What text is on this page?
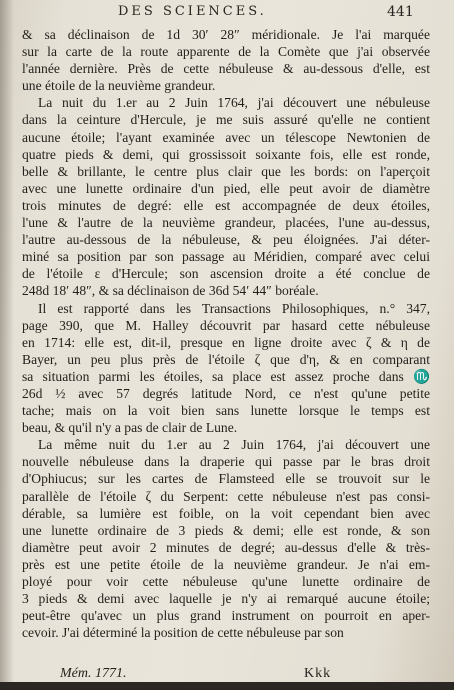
DES SCIENCES.	441
& sa déclinaison de 1d 30′ 28″ méridionale. Je l'ai marquée
sur la carte de la route apparente de la Comète que j'ai observée
l'année dernière. Près de cette nébuleuse & au-dessous d'elle, est
une étoile de la neuvième grandeur.
La nuit du 1.er au 2 Juin 1764, j'ai découvert une nébuleuse
dans la ceinture d'Hercule, je me suis assuré qu'elle ne contient
aucune étoile; l'ayant examinée avec un télescope Newtonien de
quatre pieds & demi, qui grossissoit soixante fois, elle est ronde,
belle & brillante, le centre plus clair que les bords: on l'aperçoit
avec une lunette ordinaire d'un pied, elle peut avoir de diamètre
trois minutes de degré: elle est accompagnée de deux étoiles,
l'une & l'autre de la neuvième grandeur, placées, l'une au-dessus,
l'autre au-dessous de la nébuleuse, & peu éloignées. J'ai déter-
miné sa position par son passage au Méridien, comparé avec celui
de l'étoile ε d'Hercule; son ascension droite a été conclue de
248d 18′ 48″, & sa déclinaison de 36d 54′ 44″ boréale.
Il est rapporté dans les Transactions Philosophiques, n.° 347,
page 390, que M. Halley découvrit par hasard cette nébuleuse
en 1714: elle est, dit-il, presque en ligne droite avec ζ & η de
Bayer, un peu plus près de l'étoile ζ que d'η, & en comparant
sa situation parmi les étoiles, sa place est assez proche dans ♏
26d ½ avec 57 degrés latitude Nord, ce n'est qu'une petite
tache; mais on la voit bien sans lunette lorsque le temps est
beau, & qu'il n'y a pas de clair de Lune.
La même nuit du 1.er au 2 Juin 1764, j'ai découvert une
nouvelle nébuleuse dans la draperie qui passe par le bras droit
d'Ophiucus; sur les cartes de Flamsteed elle se trouvoit sur le
parallèle de l'étoile ζ du Serpent: cette nébuleuse n'est pas consi-
dérable, sa lumière est foible, on la voit cependant bien avec
une lunette ordinaire de 3 pieds & demi; elle est ronde, & son
diamètre peut avoir 2 minutes de degré; au-dessus d'elle & très-
près est une petite étoile de la neuvième grandeur. Je n'ai em-
ployé pour voir cette nébuleuse qu'une lunette ordinaire de
3 pieds & demi avec laquelle je n'y ai remarqué aucune étoile;
peut-être qu'avec un plus grand instrument on pourroit en aper-
cevoir. J'ai déterminé la position de cette nébuleuse par son
Mém. 1771.	Kkk
